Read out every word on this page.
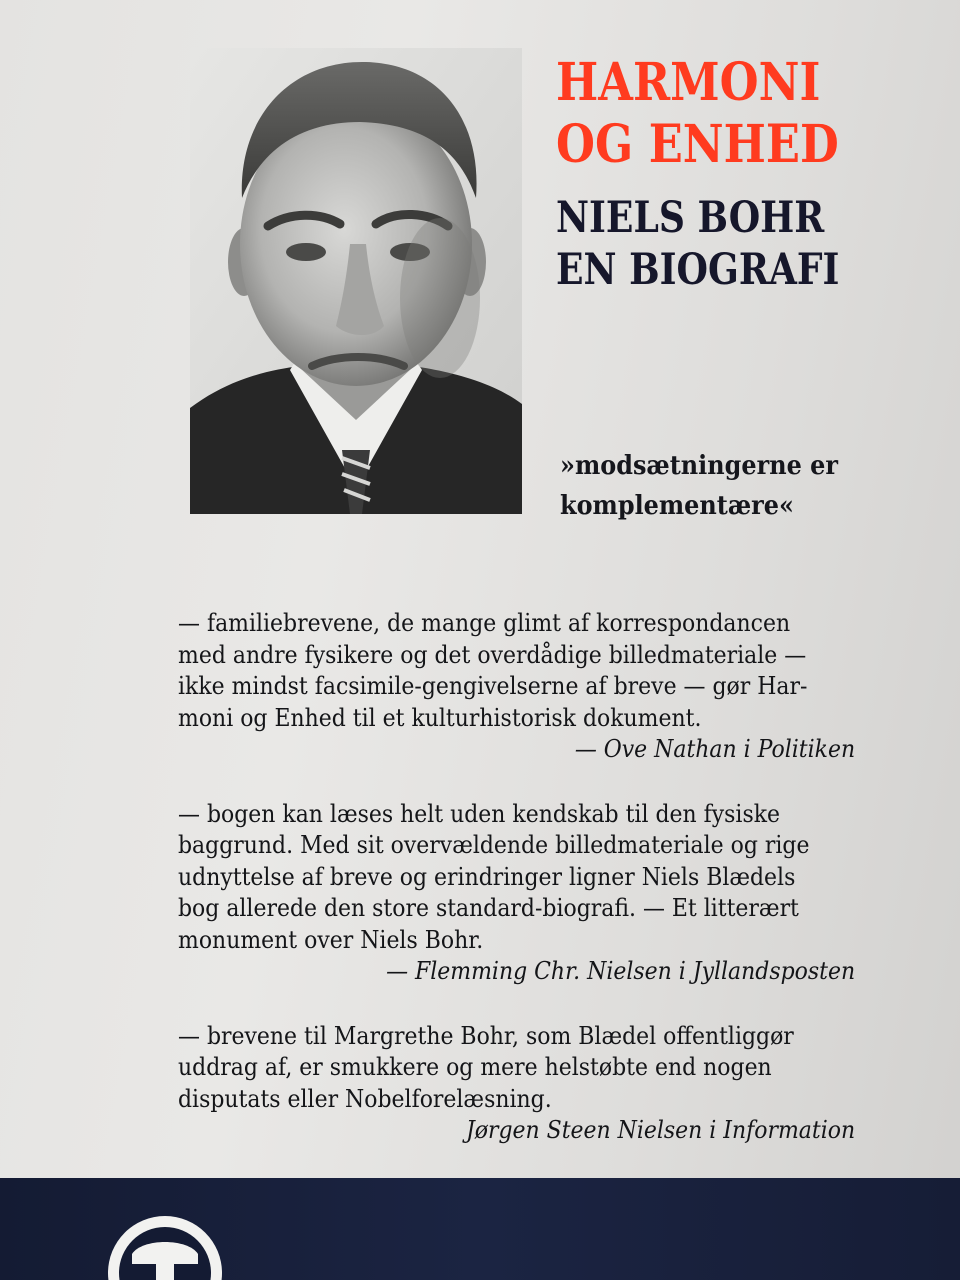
HARMONI
OG ENHED
NIELS BOHR
EN BIOGRAFI
»modsætningerne er
komplementære«

— familiebrevene, de mange glimt af korrespondancen

med andre fysikere og det overdådige billedmateriale —

ikke mindst facsimile-gengivelserne af breve — gør Har-

moni og Enhed til et kulturhistorisk dokument.

— Ove Nathan i Politiken

— bogen kan læses helt uden kendskab til den fysiske

baggrund. Med sit overvældende billedmateriale og rige

udnyttelse af breve og erindringer ligner Niels Blædels

bog allerede den store standard-biografi. — Et litterært

monument over Niels Bohr.

— Flemming Chr. Nielsen i Jyllandsposten

— brevene til Margrethe Bohr, som Blædel offentliggør

uddrag af, er smukkere og mere helstøbte end nogen

disputats eller Nobelforelæsning.

Jørgen Steen Nielsen i Information
